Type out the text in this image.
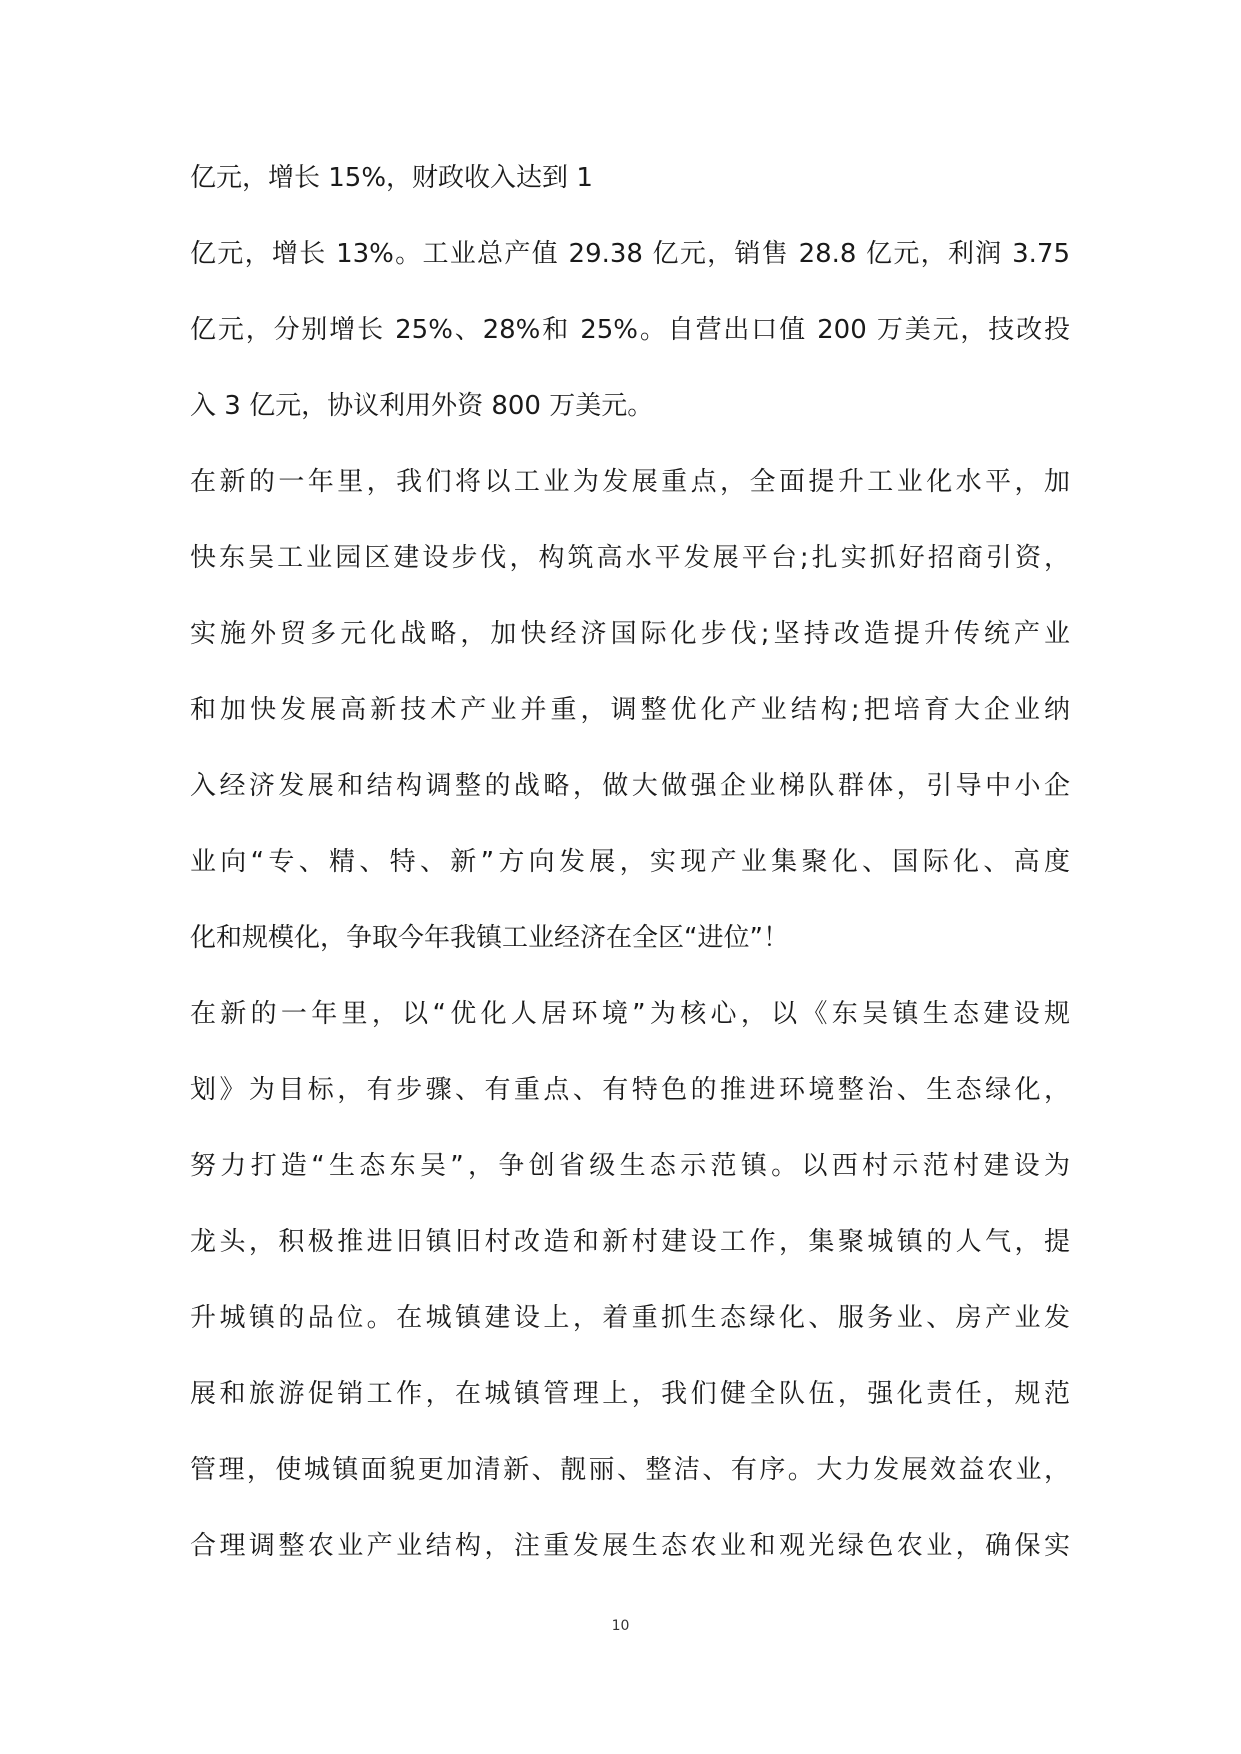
亿元，增长 15%，财政收入达到 1
亿元，增长 13%。工业总产值 29.38 亿元，销售 28.8 亿元，利润 3.75
亿元，分别增长 25%、28%和 25%。自营出口值 200 万美元，技改投
入 3 亿元，协议利用外资 800 万美元。
在新的一年里，我们将以工业为发展重点，全面提升工业化水平，加
快东吴工业园区建设步伐，构筑高水平发展平台;扎实抓好招商引资，
实施外贸多元化战略，加快经济国际化步伐;坚持改造提升传统产业
和加快发展高新技术产业并重，调整优化产业结构;把培育大企业纳
入经济发展和结构调整的战略，做大做强企业梯队群体，引导中小企
业向“专、精、特、新”方向发展，实现产业集聚化、国际化、高度
化和规模化，争取今年我镇工业经济在全区“进位”！
在新的一年里，以“优化人居环境”为核心，以《东吴镇生态建设规
划》为目标，有步骤、有重点、有特色的推进环境整治、生态绿化，
努力打造“生态东吴”，争创省级生态示范镇。以西村示范村建设为
龙头，积极推进旧镇旧村改造和新村建设工作，集聚城镇的人气，提
升城镇的品位。在城镇建设上，着重抓生态绿化、服务业、房产业发
展和旅游促销工作，在城镇管理上，我们健全队伍，强化责任，规范
管理，使城镇面貌更加清新、靓丽、整洁、有序。大力发展效益农业，
合理调整农业产业结构，注重发展生态农业和观光绿色农业，确保实
10
